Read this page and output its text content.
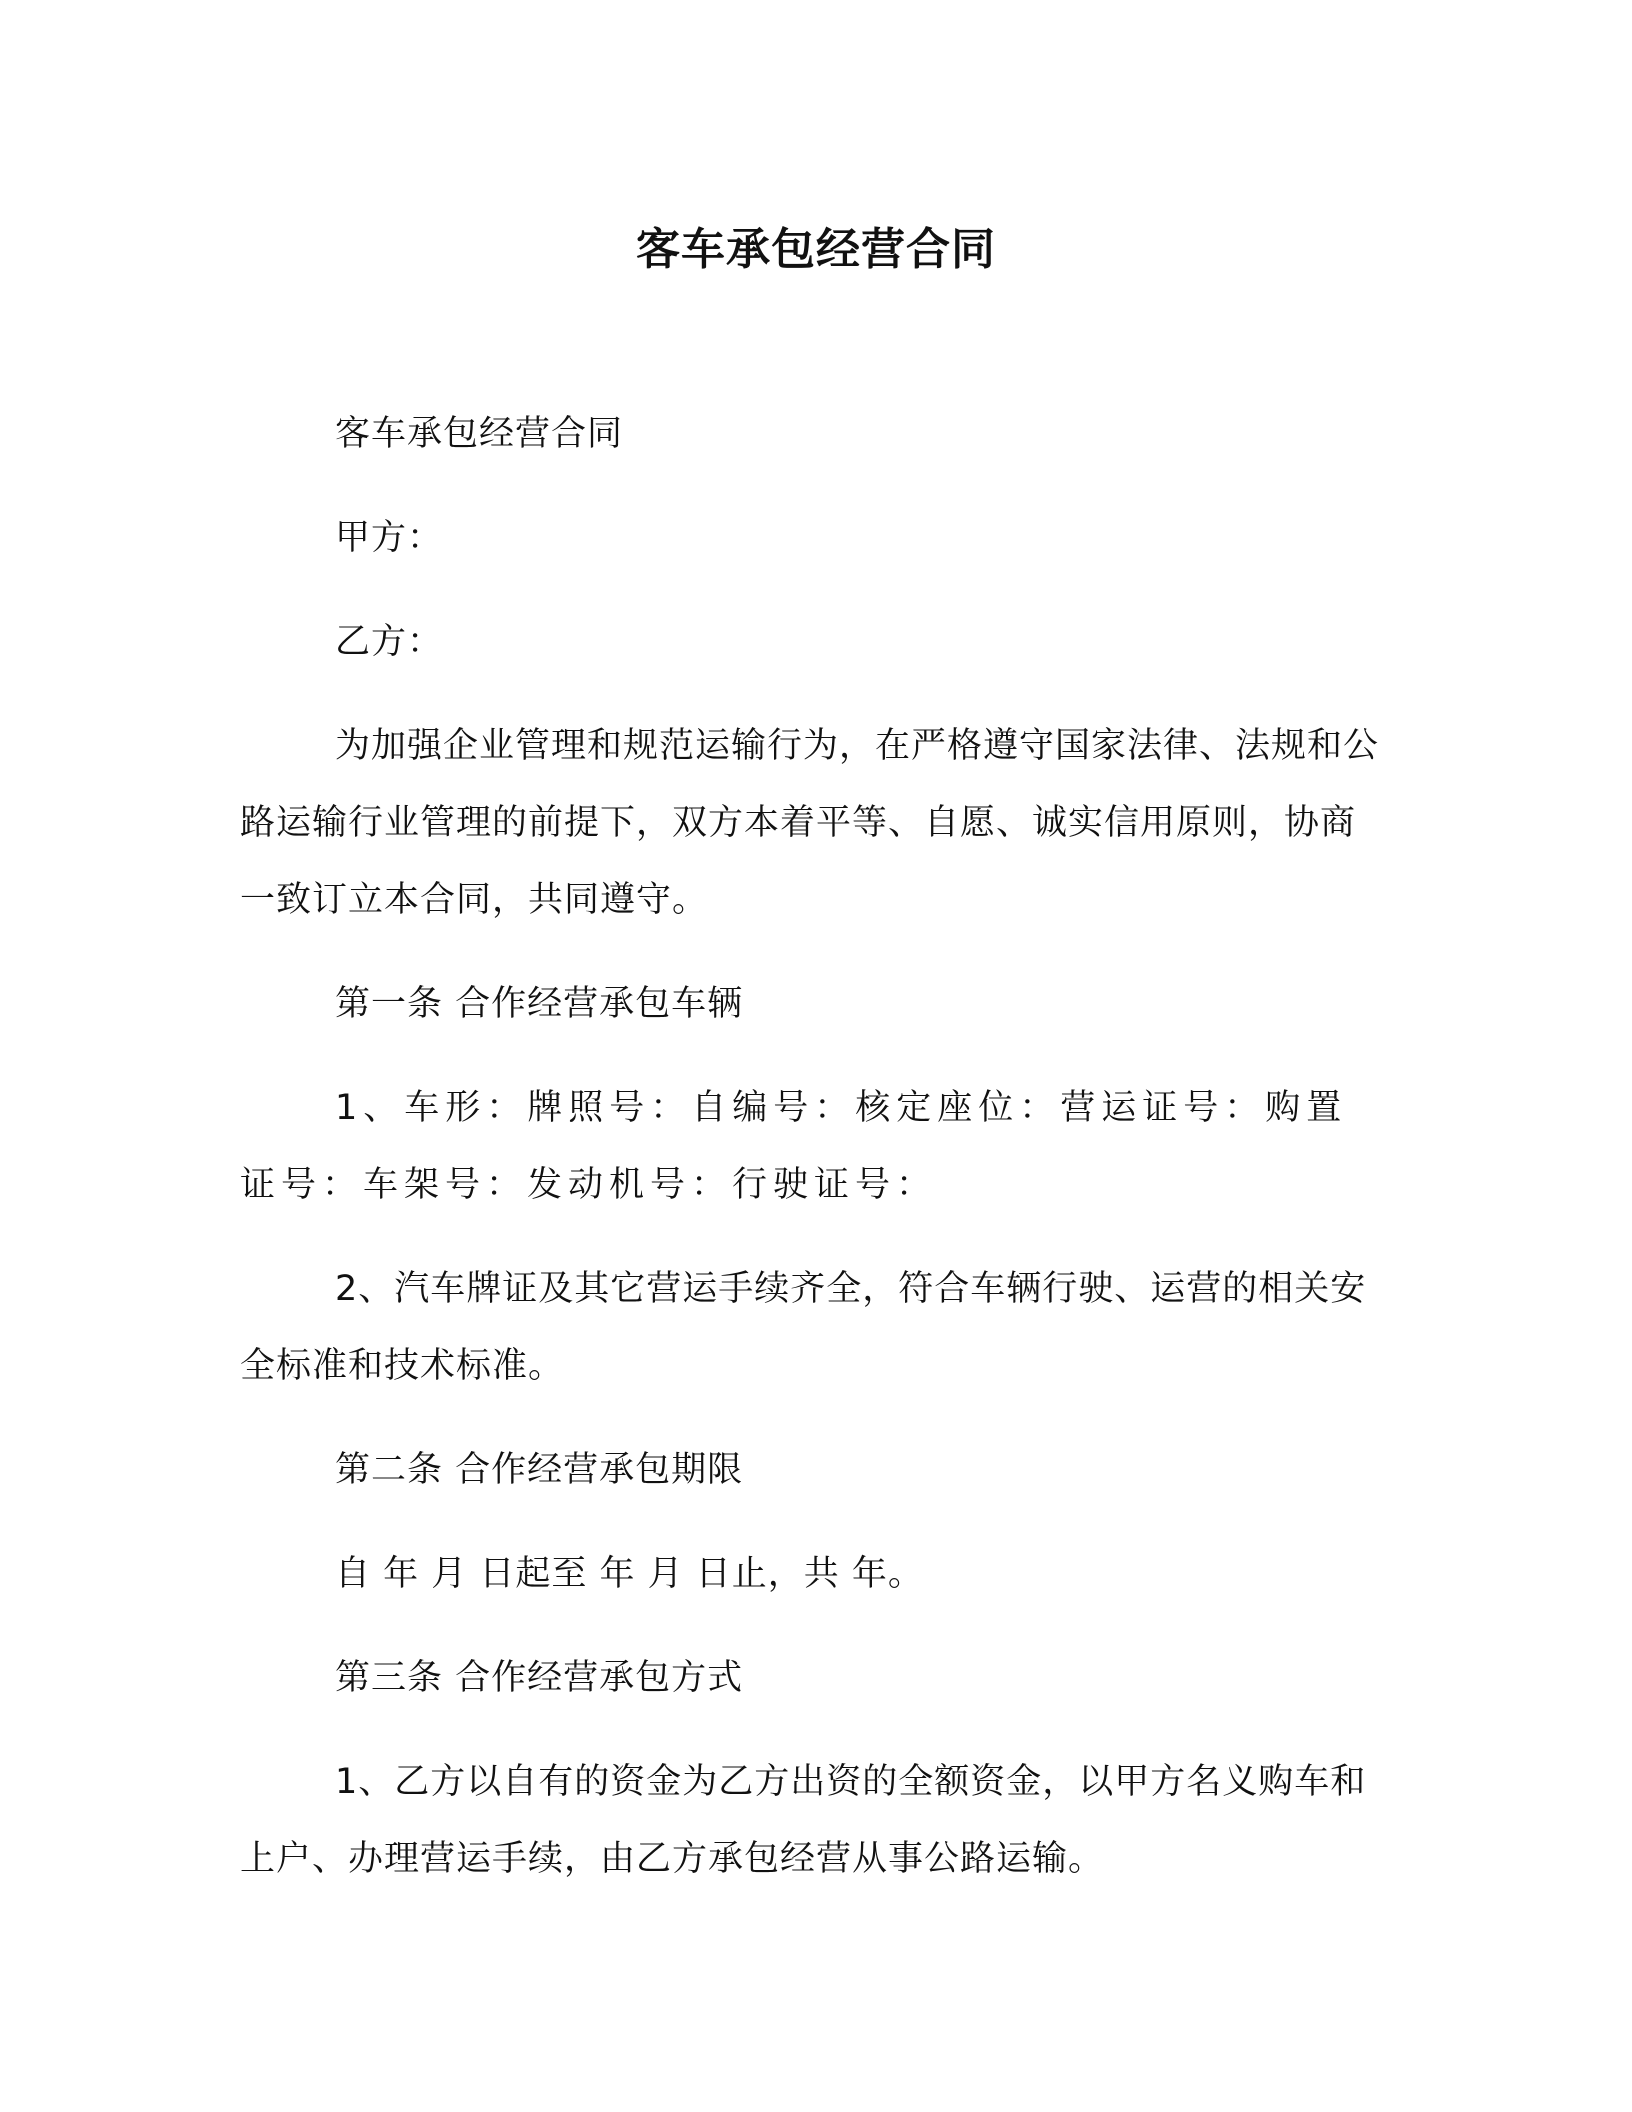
客车承包经营合同

客车承包经营合同

甲方：

乙方：

为加强企业管理和规范运输行为，在严格遵守国家法律、法规和公路运输行业管理的前提下，双方本着平等、自愿、诚实信用原则，协商一致订立本合同，共同遵守。

第一条 合作经营承包车辆

1、车形：牌照号：自编号：核定座位：营运证号：购置证号：车架号：发动机号：行驶证号：

2、汽车牌证及其它营运手续齐全，符合车辆行驶、运营的相关安全标准和技术标准。

第二条 合作经营承包期限

自 年 月 日起至 年 月 日止，共 年。

第三条 合作经营承包方式

1、乙方以自有的资金为乙方出资的全额资金，以甲方名义购车和上户、办理营运手续，由乙方承包经营从事公路运输。
